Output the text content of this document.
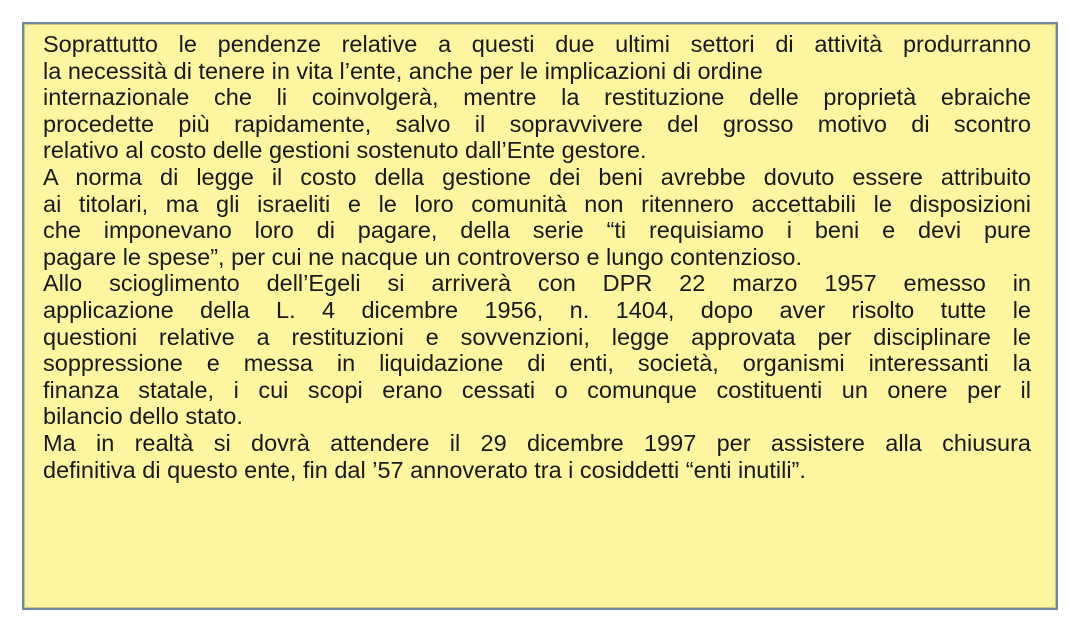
Soprattutto le pendenze relative a questi due ultimi settori di attività produrranno
la necessità di tenere in vita l’ente, anche per le implicazioni di ordine
internazionale che li coinvolgerà, mentre la restituzione delle proprietà ebraiche
procedette più rapidamente, salvo il sopravvivere del grosso motivo di scontro
relativo al costo delle gestioni sostenuto dall’Ente gestore.
A norma di legge il costo della gestione dei beni avrebbe dovuto essere attribuito
ai titolari, ma gli israeliti e le loro comunità non ritennero accettabili le disposizioni
che imponevano loro di pagare, della serie “ti requisiamo i beni e devi pure
pagare le spese”, per cui ne nacque un controverso e lungo contenzioso.
Allo scioglimento dell’Egeli si arriverà con DPR 22 marzo 1957 emesso in
applicazione della L. 4 dicembre 1956, n. 1404, dopo aver risolto tutte le
questioni relative a restituzioni e sovvenzioni, legge approvata per disciplinare le
soppressione e messa in liquidazione di enti, società, organismi interessanti la
finanza statale, i cui scopi erano cessati o comunque costituenti un onere per il
bilancio dello stato.
Ma in realtà si dovrà attendere il 29 dicembre 1997 per assistere alla chiusura
definitiva di questo ente, fin dal ’57 annoverato tra i cosiddetti “enti inutili”.
